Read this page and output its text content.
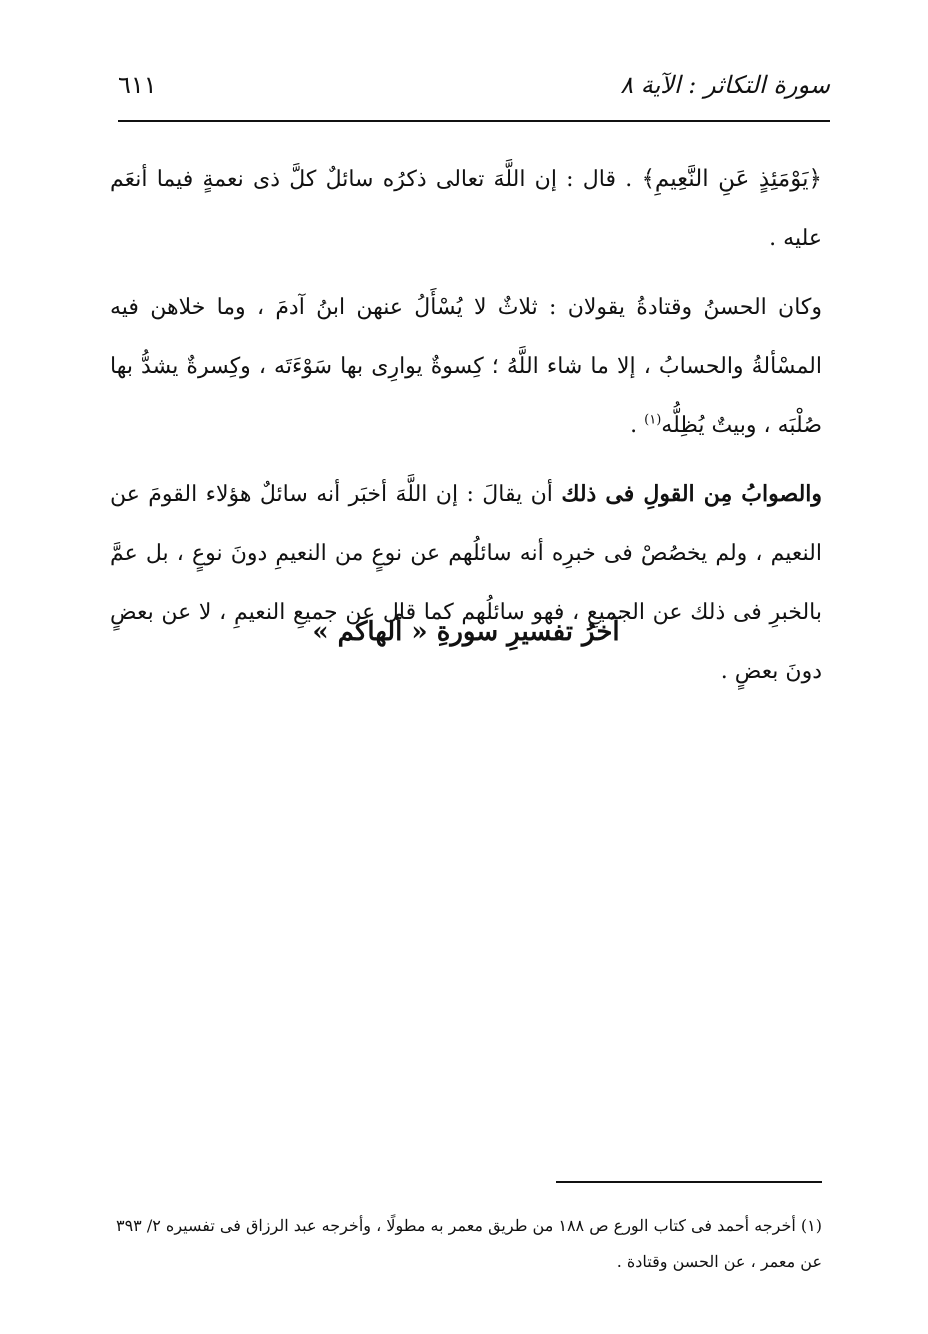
سورة التكاثر : الآية ٨
٦١١

﴿يَوْمَئِذٍ عَنِ النَّعِيمِ﴾ . قال : إن اللَّهَ تعالى ذكرُه سائلٌ كلَّ ذى نعمةٍ فيما أنعَم عليه .

وكان الحسنُ وقتادةُ يقولان : ثلاثٌ لا يُسْأَلُ عنهن ابنُ آدمَ ، وما خلاهن فيه المسْألةُ والحسابُ ، إلا ما شاء اللَّهُ ؛ كِسوةٌ يوارِى بها سَوْءَتَه ، وكِسرةٌ يشدُّ بها صُلْبَه ، وبيتٌ يُظِلُّه$^{(١)}$ .

والصوابُ مِن القولِ فى ذلك أن يقالَ : إن اللَّهَ أخبَر أنه سائلٌ هؤلاء القومَ عن النعيم ، ولم يخصُصْ فى خبرِه أنه سائلُهم عن نوعٍ من النعيمِ دونَ نوعٍ ، بل عمَّ بالخبرِ فى ذلك عن الجميعِ ، فهو سائلُهم كما قال عن جميعِ النعيمِ ، لا عن بعضٍ دونَ بعضٍ .

آخرُ تفسيرِ سورةِ « ألهاكم »

(١) أخرجه أحمد فى كتاب الورع ص ١٨٨ من طريق معمر به مطولًا ، وأخرجه عبد الرزاق فى تفسيره ٢/ ٣٩٣

عن معمر ، عن الحسن وقتادة .
